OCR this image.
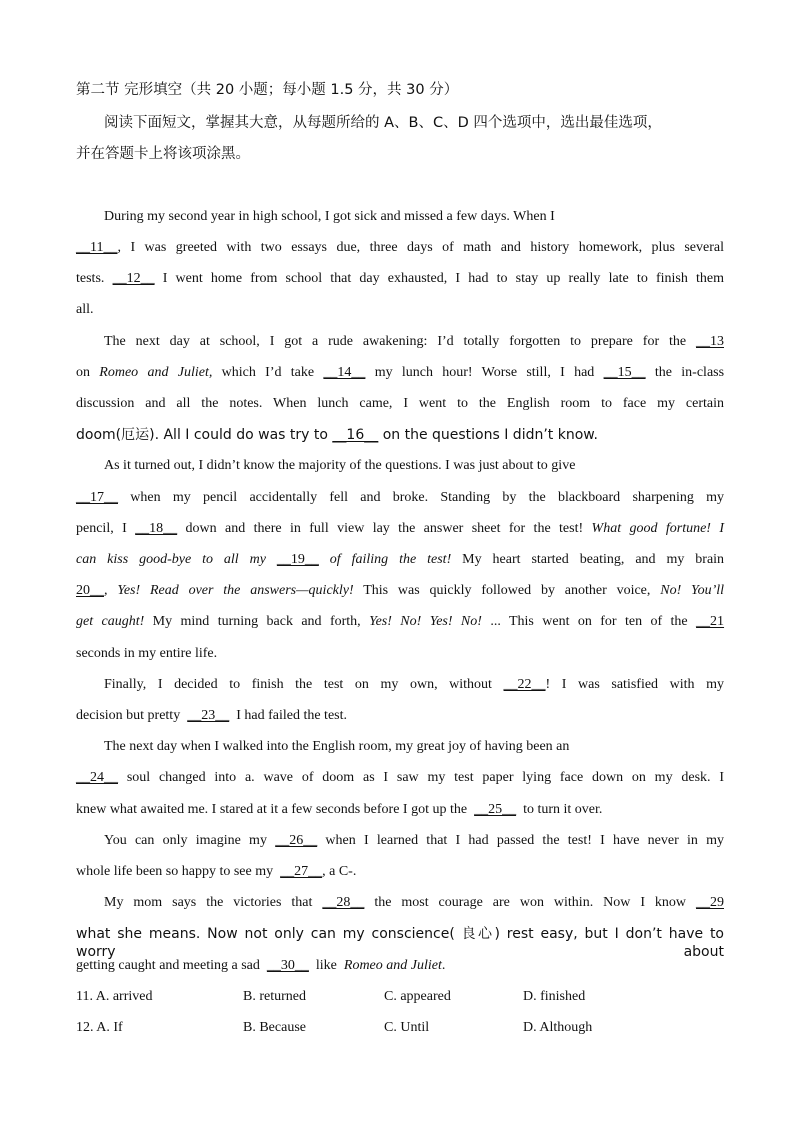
第二节 完形填空（共 20 小题；每小题 1.5 分，共 30 分）
阅读下面短文，掌握其大意，从每题所给的 A、B、C、D 四个选项中，选出最佳选项，
并在答题卡上将该项涂黑。
During my second year in high school, I got sick and missed a few days. When I
__11__, I was greeted with two essays due, three days of math and history homework, plus several
tests. __12__ I went home from school that day exhausted, I had to stay up really late to finish them
all.
The next day at school, I got a rude awakening: I’d totally forgotten to prepare for the __13
on Romeo and Juliet, which I’d take __14__ my lunch hour! Worse still, I had __15__ the in-class
discussion and all the notes. When lunch came, I went to the English room to face my certain
doom(厄运). All I could do was try to __16__ on the questions I didn’t know.
As it turned out, I didn’t know the majority of the questions. I was just about to give
__17__ when my pencil accidentally fell and broke. Standing by the blackboard sharpening my
pencil, I __18__ down and there in full view lay the answer sheet for the test! What good fortune! I
can kiss good-bye to all my __19__ of failing the test! My heart started beating, and my brain
20__, Yes! Read over the answers—quickly! This was quickly followed by another voice, No! You’ll
get caught! My mind turning back and forth, Yes! No! Yes! No! ... This went on for ten of the __21
seconds in my entire life.
Finally, I decided to finish the test on my own, without __22__! I was satisfied with my
decision but pretty __23__ I had failed the test.
The next day when I walked into the English room, my great joy of having been an
__24__ soul changed into a. wave of doom as I saw my test paper lying face down on my desk. I
knew what awaited me. I stared at it a few seconds before I got up the __25__ to turn it over.
You can only imagine my __26__ when I learned that I had passed the test! I have never in my
whole life been so happy to see my __27__, a C-.
My mom says the victories that __28__ the most courage are won within. Now I know __29
what she means. Now not only can my conscience( 良心) rest easy, but I don’t have to worry about
getting caught and meeting a sad __30__ like Romeo and Juliet.
11. A. arrived	B. returned	C. appeared	D. finished
12. A. If	B. Because	C. Until	D. Although
